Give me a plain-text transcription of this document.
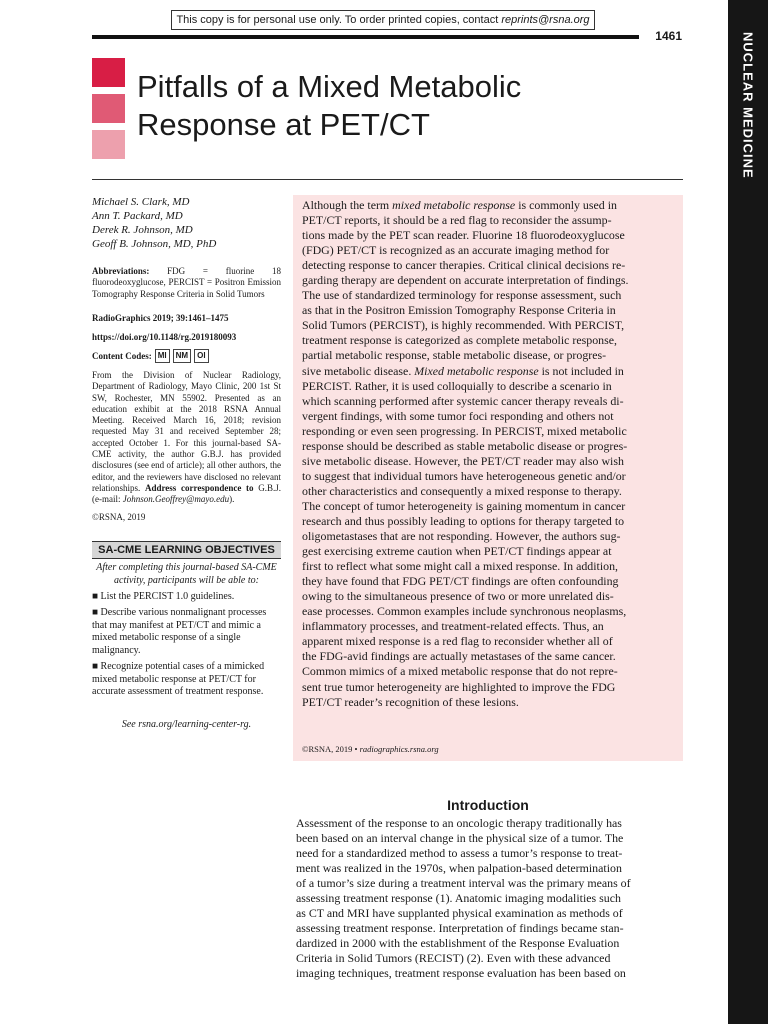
This copy is for personal use only. To order printed copies, contact reprints@rsna.org
1461	NUCLEAR MEDICINE
Pitfalls of a Mixed Metabolic
Response at PET/CT
Michael S. Clark, MD
Ann T. Packard, MD
Derek R. Johnson, MD
Geoff B. Johnson, MD, PhD
Abbreviations: FDG = fluorine 18 fluorodeoxyglucose, PERCIST = Positron Emission Tomography Response Criteria in Solid Tumors
RadioGraphics 2019; 39:1461–1475
https://doi.org/10.1148/rg.2019180093
Content Codes: MI	NM	OI
From the Division of Nuclear Radiology, Department of Radiology, Mayo Clinic, 200 1st St SW, Rochester, MN 55902. Presented as an education exhibit at the 2018 RSNA Annual Meeting. Received March 16, 2018; revision requested May 31 and received September 28; accepted October 1. For this journal-based SA-CME activity, the author G.B.J. has provided disclosures (see end of article); all other authors, the editor, and the reviewers have disclosed no relevant relationships. Address correspondence to G.B.J. (e-mail: Johnson.Geoffrey@mayo.edu).
©RSNA, 2019
SA-CME LEARNING OBJECTIVES
After completing this journal-based SA-CME activity, participants will be able to:
■ List the PERCIST 1.0 guidelines.
■ Describe various nonmalignant processes that may manifest at PET/CT and mimic a mixed metabolic response of a single malignancy.
■ Recognize potential cases of a mimicked mixed metabolic response at PET/CT for accurate assessment of treatment response.
See rsna.org/learning-center-rg.
Although the term mixed metabolic response is commonly used in
PET/CT reports, it should be a red flag to reconsider the assump-
tions made by the PET scan reader. Fluorine 18 fluorodeoxyglucose
(FDG) PET/CT is recognized as an accurate imaging method for
detecting response to cancer therapies. Critical clinical decisions re-
garding therapy are dependent on accurate interpretation of findings.
The use of standardized terminology for response assessment, such
as that in the Positron Emission Tomography Response Criteria in
Solid Tumors (PERCIST), is highly recommended. With PERCIST,
treatment response is categorized as complete metabolic response,
partial metabolic response, stable metabolic disease, or progres-
sive metabolic disease. Mixed metabolic response is not included in
PERCIST. Rather, it is used colloquially to describe a scenario in
which scanning performed after systemic cancer therapy reveals di-
vergent findings, with some tumor foci responding and others not
responding or even seen progressing. In PERCIST, mixed metabolic
response should be described as stable metabolic disease or progres-
sive metabolic disease. However, the PET/CT reader may also wish
to suggest that individual tumors have heterogeneous genetic and/or
other characteristics and consequently a mixed response to therapy.
The concept of tumor heterogeneity is gaining momentum in cancer
research and thus possibly leading to options for therapy targeted to
oligometastases that are not responding. However, the authors sug-
gest exercising extreme caution when PET/CT findings appear at
first to reflect what some might call a mixed response. In addition,
they have found that FDG PET/CT findings are often confounding
owing to the simultaneous presence of two or more unrelated dis-
ease processes. Common examples include synchronous neoplasms,
inflammatory processes, and treatment-related effects. Thus, an
apparent mixed response is a red flag to reconsider whether all of
the FDG-avid findings are actually metastases of the same cancer.
Common mimics of a mixed metabolic response that do not repre-
sent true tumor heterogeneity are highlighted to improve the FDG
PET/CT reader’s recognition of these lesions.
©RSNA, 2019 • radiographics.rsna.org
Introduction
Assessment of the response to an oncologic therapy traditionally has
been based on an interval change in the physical size of a tumor. The
need for a standardized method to assess a tumor’s response to treat-
ment was realized in the 1970s, when palpation-based determination
of a tumor’s size during a treatment interval was the primary means of
assessing treatment response (1). Anatomic imaging modalities such
as CT and MRI have supplanted physical examination as methods of
assessing treatment response. Interpretation of findings became stan-
dardized in 2000 with the establishment of the Response Evaluation
Criteria in Solid Tumors (RECIST) (2). Even with these advanced
imaging techniques, treatment response evaluation has been based on
